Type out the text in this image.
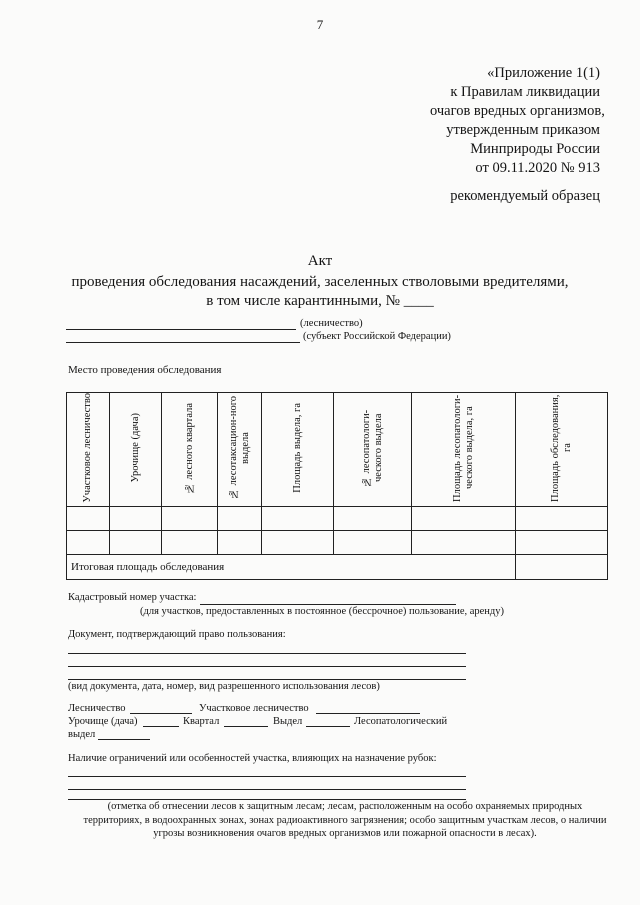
7
«Приложение 1(1)
к Правилам ликвидации
очагов вредных организмов,
утвержденным приказом
Минприроды России
от 09.11.2020 № 913
рекомендуемый образец
Акт
проведения обследования насаждений, заселенных стволовыми вредителями,
в том числе карантинными, № ____
(лесничество)
(субъект Российской Федерации)
Место проведения обследования
Участковое лесничество	Урочище (дача)	№ лесного квартала	№ лесотаксацион-ного выдела	Площадь выдела, га	№ лесопатологи-ческого выдела	Площадь лесопатологи-ческого выдела, га	Площадь обследования, га

Итоговая площадь обследования							
Кадастровый номер участка:
(для участков, предоставленных в постоянное (бессрочное) пользование, аренду)
Документ, подтверждающий право пользования:
(вид документа, дата, номер, вид разрешенного использования лесов)
Лесничество	Участковое лесничество
Урочище (дача)	Квартал	Выдел	Лесопатологический
выдел
Наличие ограничений или особенностей участка, влияющих на назначение рубок:
(отметка об отнесении лесов к защитным лесам; лесам, расположенным на особо охраняемых природных
территориях, в водоохранных зонах, зонах радиоактивного загрязнения; особо защитным участкам лесов, о наличии
угрозы возникновения очагов вредных организмов или пожарной опасности в лесах).
